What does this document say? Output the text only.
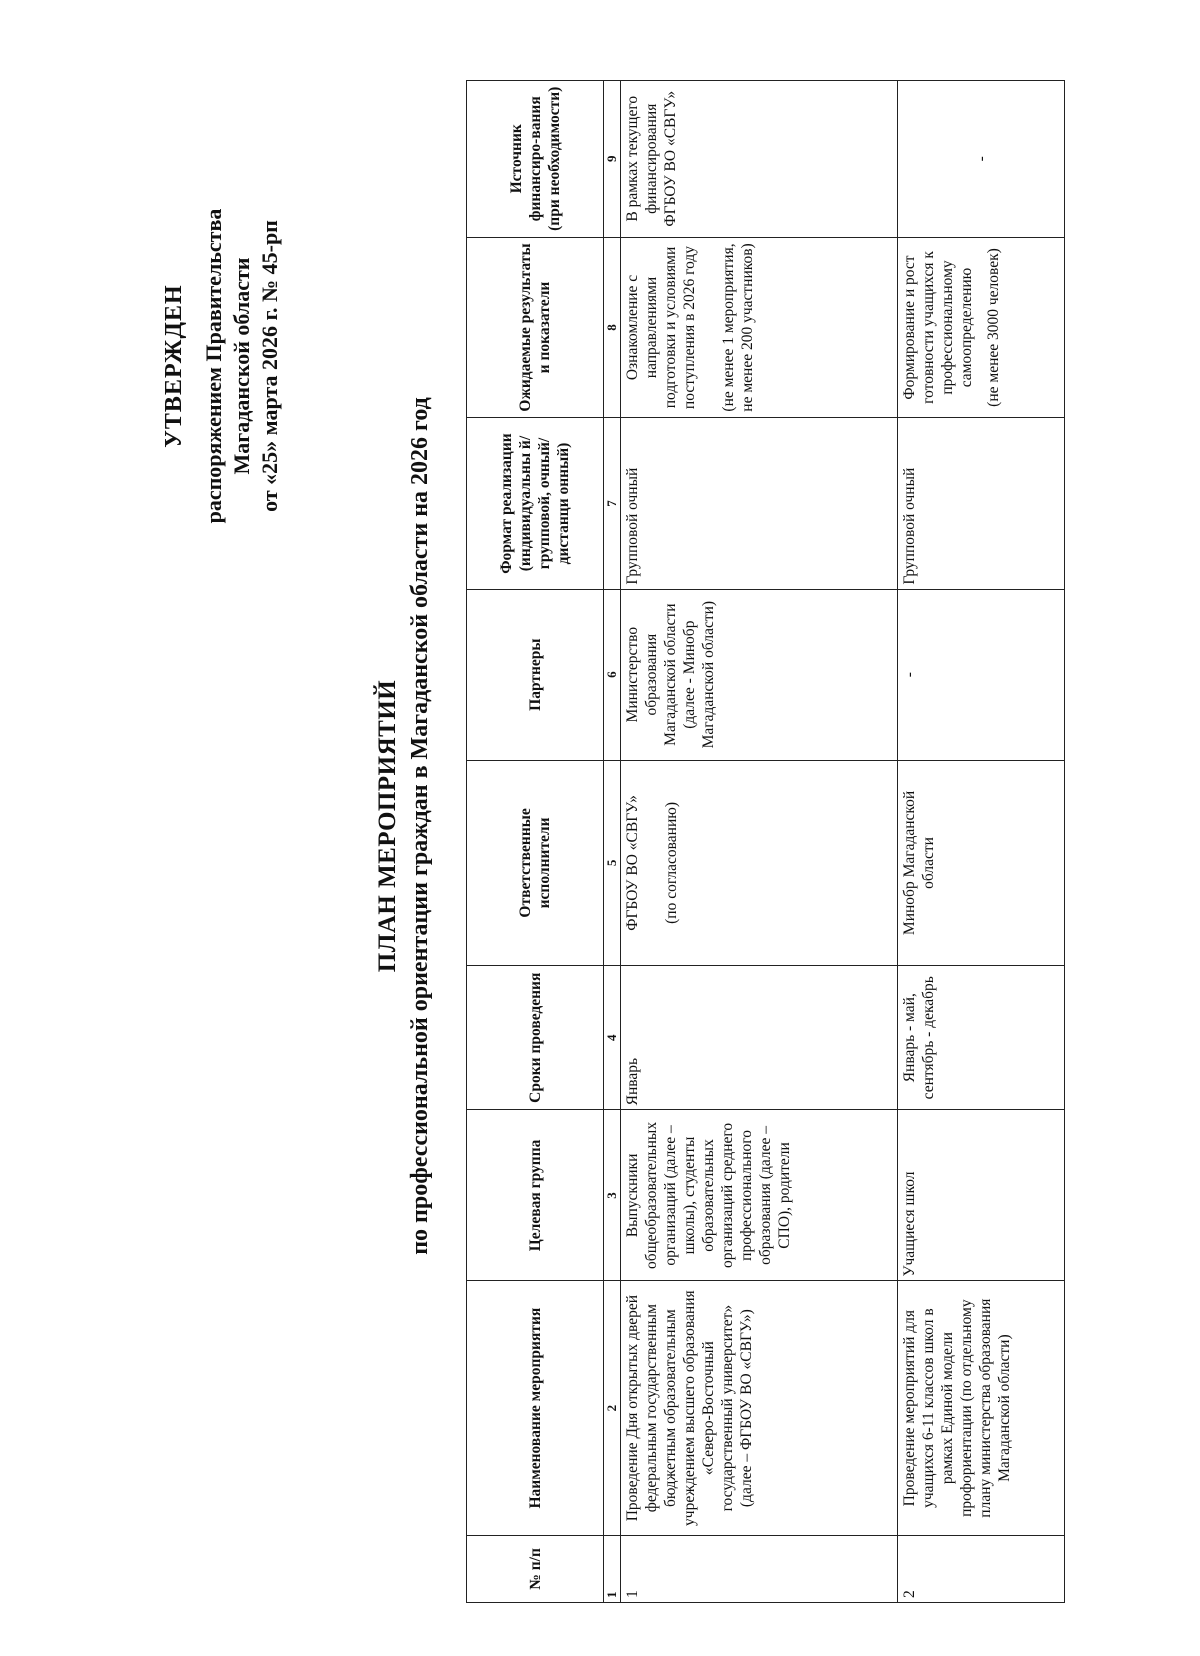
УТВЕРЖДЕН распоряжением Правительства Магаданской области от «25» марта 2026 г. № 45-рп
ПЛАН МЕРОПРИЯТИЙ по профессиональной ориентации граждан в Магаданской области на 2026 год
№ п/п	Наименование мероприятия	Целевая группа	Сроки проведения	Ответственные исполнители	Партнеры	Формат реализации (индивидуальны й/групповой, очный/дистанци онный)	Ожидаемые результаты и показатели	Источник финансиро-вания (при необходимости)
1	2	3	4	5	6	7	8	9
1	Проведение Дня открытых дверей федеральным государственным бюджетным образовательным учреждением высшего образования «Северо-Восточный государственный университет» (далее – ФГБОУ ВО «СВГУ»)	Выпускники общеобразовательных организаций (далее – школы), студенты образовательных организаций среднего профессионального образования (далее – СПО), родители	Январь	ФГБОУ ВО «СВГУ» (по согласованию)	Министерство образования Магаданской области (далее - Минобр Магаданской области)	Групповой очный	Ознакомление с направлениями подготовки и условиями поступления в 2026 году (не менее 1 мероприятия, не менее 200 участников)	В рамках текущего финансирования ФГБОУ ВО «СВГУ»
2	Проведение мероприятий для учащихся 6-11 классов школ в рамках Единой модели профориентации (по отдельному плану министерства образования Магаданской области)	Учащиеся школ	Январь - май, сентябрь - декабрь	Минобр Магаданской области	-	Групповой очный	Формирование и рост готовности учащихся к профессиональному самоопределению (не менее 3000 человек)	-
